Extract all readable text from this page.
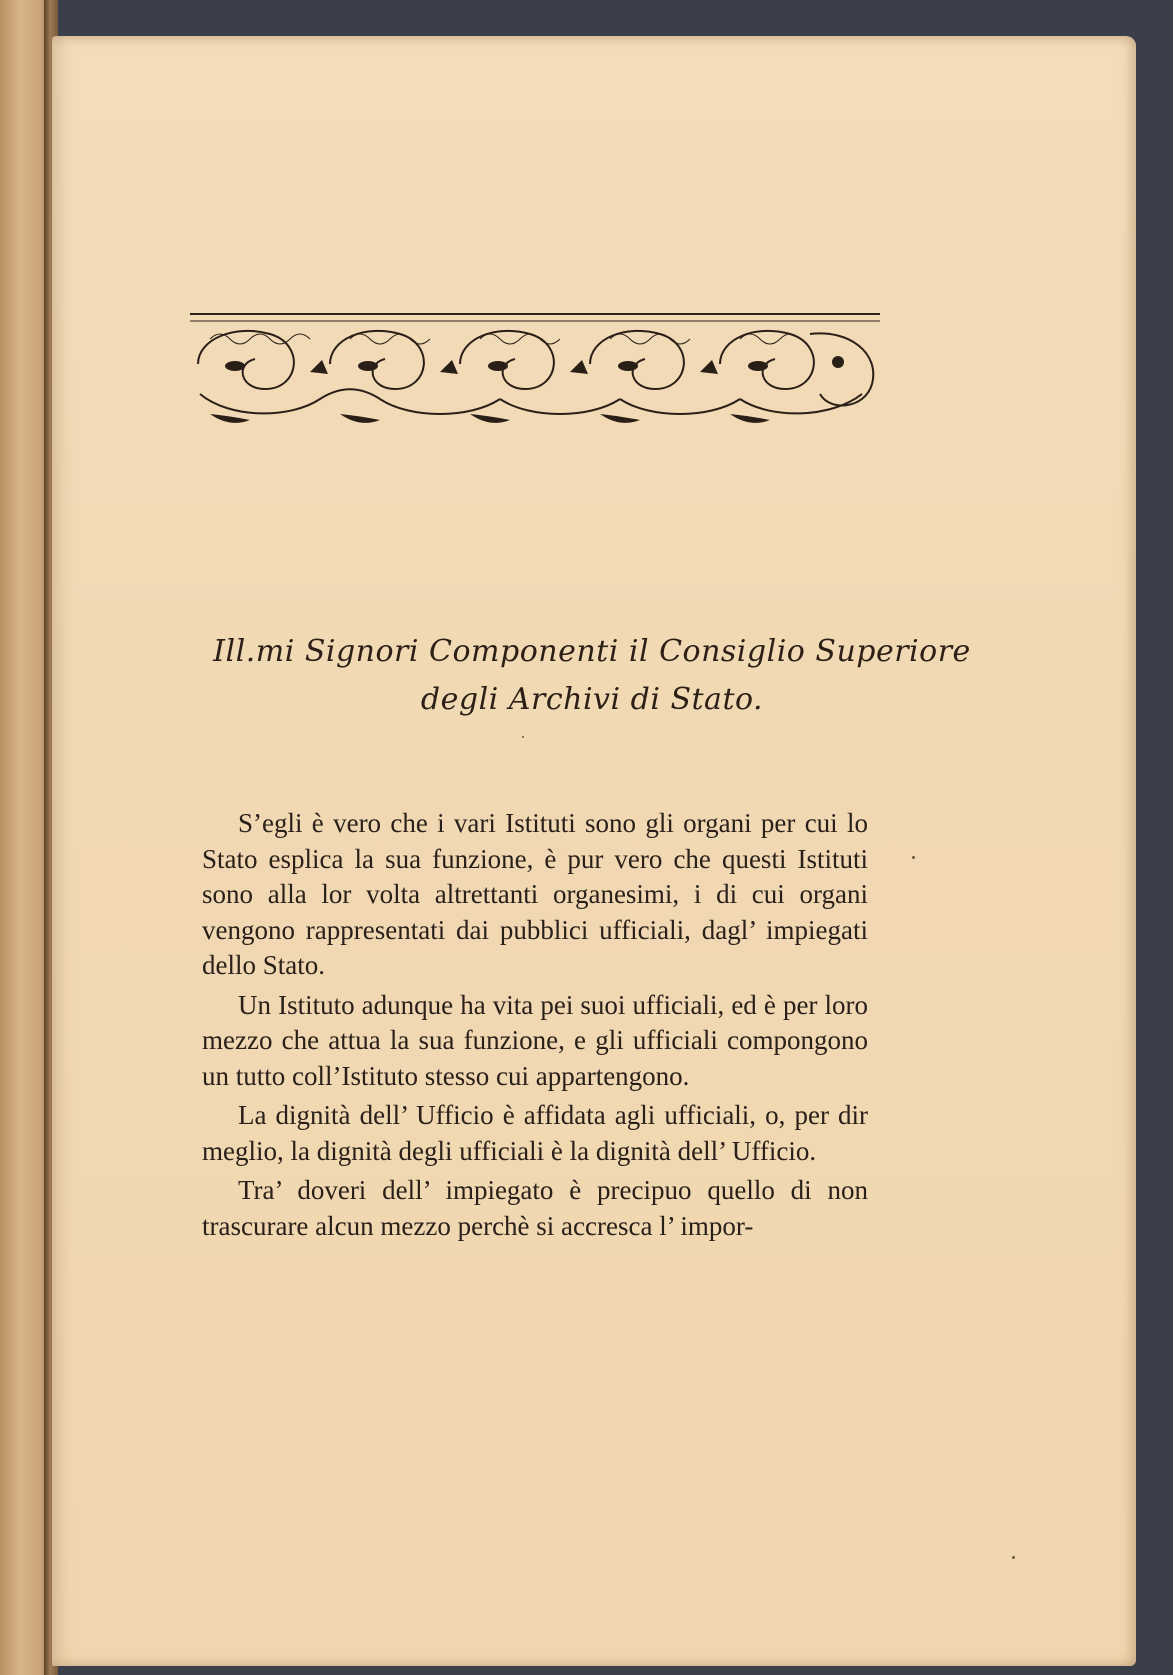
Ill.mi Signori Componenti il Consiglio Superiore
degli Archivi di Stato.

S’egli è vero che i vari Istituti sono gli organi per cui lo Stato esplica la sua funzione, è pur vero che questi Istituti sono alla lor volta altrettanti organesimi, i di cui organi vengono rappresentati dai pubblici ufficiali, dagl’ impiegati dello Stato.

Un Istituto adunque ha vita pei suoi ufficiali, ed è per loro mezzo che attua la sua funzione, e gli ufficiali compongono un tutto coll’Istituto stesso cui appartengono.

La dignità dell’ Ufficio è affidata agli ufficiali, o, per dir meglio, la dignità degli ufficiali è la dignità dell’ Ufficio.

Tra’ doveri dell’ impiegato è precipuo quello di non trascurare alcun mezzo perchè si accresca l’ impor-
